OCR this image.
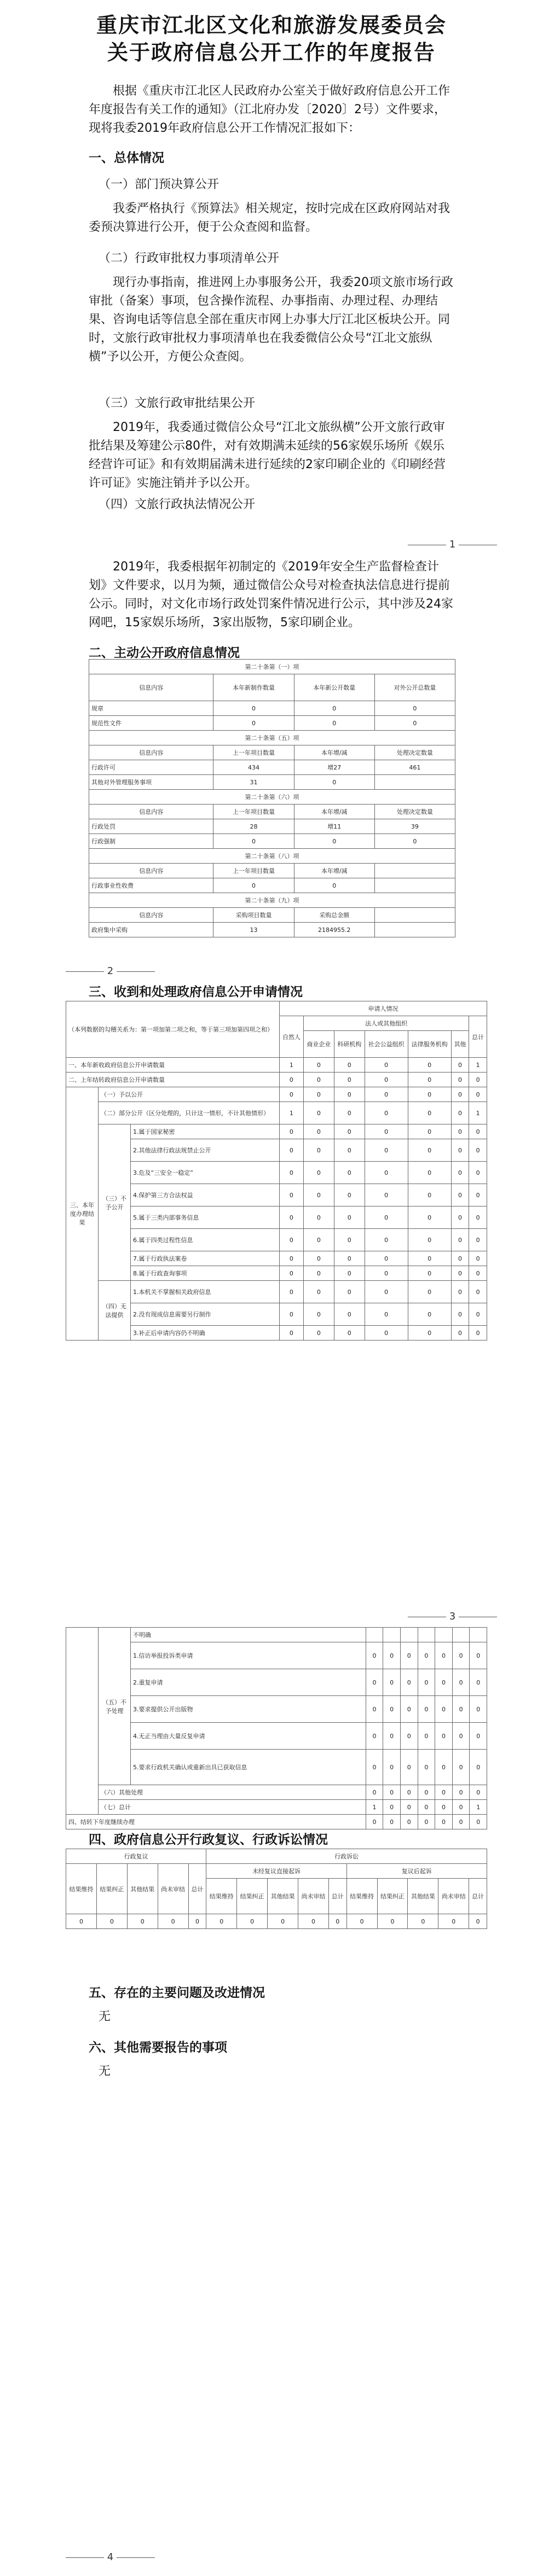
重庆市江北区文化和旅游发展委员会
关于政府信息公开工作的年度报告
根据《重庆市江北区人民政府办公室关于做好政府信息公开工作年度报告有关工作的通知》（江北府办发〔2020〕2号）文件要求，现将我委2019年政府信息公开工作情况汇报如下：
一、总体情况
（一）部门预决算公开
我委严格执行《预算法》相关规定，按时完成在区政府网站对我委预决算进行公开，便于公众查阅和监督。
（二）行政审批权力事项清单公开
现行办事指南，推进网上办事服务公开，我委20项文旅市场行政审批（备案）事项，包含操作流程、办事指南、办理过程、办理结果、咨询电话等信息全部在重庆市网上办事大厅江北区板块公开。同时，文旅行政审批权力事项清单也在我委微信公众号“江北文旅纵横”予以公开，方便公众查阅。
（三）文旅行政审批结果公开
2019年，我委通过微信公众号“江北文旅纵横”公开文旅行政审批结果及筹建公示80件，对有效期满未延续的56家娱乐场所《娱乐经营许可证》和有效期届满未进行延续的2家印刷企业的《印刷经营许可证》实施注销并予以公开。
（四）文旅行政执法情况公开
1
2019年，我委根据年初制定的《2019年安全生产监督检查计划》文件要求，以月为频，通过微信公众号对检查执法信息进行提前公示。同时，对文化市场行政处罚案件情况进行公示，其中涉及24家网吧，15家娱乐场所，3家出版物，5家印刷企业。
二、主动公开政府信息情况
第二十条第（一）项			
信息内容	本年新制作数量	本年新公开数量	对外公开总数量
规章	0	0	0
规范性文件	0	0	0
第二十条第（五）项			
信息内容	上一年项目数量	本年增/减	处理决定数量
行政许可	434	增27	461
其他对外管理服务事项	31	0	
第二十条第（六）项			
信息内容	上一年项目数量	本年增/减	处理决定数量
行政处罚	28	增11	39
行政强制	0	0	0
第二十条第（八）项			
信息内容	上一年项目数量	本年增/减	
行政事业性收费	0	0	
第二十条第（九）项			
信息内容	采购项目数量	采购总金额	
政府集中采购	13	2184955.2	
2
三、收到和处理政府信息公开申请情况
（本列数据的勾稽关系为：第一项加第二项之和，等于第三项加第四项之和）			申请人情况						
			自然人	法人或其他组织					总计
				商业企业	科研机构	社会公益组织	法律服务机构	其他	
一、本年新收政府信息公开申请数量			1	0	0	0	0	0	1
二、上年结转政府信息公开申请数量			0	0	0	0	0	0	0
三、本年度办理结果	（一）予以公开		0	0	0	0	0	0	0
	（二）部分公开（区分处理的，只计这一情形，不计其他情形）		1	0	0	0	0	0	1
	（三）不予公开	1.属于国家秘密	0	0	0	0	0	0	0
		2.其他法律行政法规禁止公开	0	0	0	0	0	0	0
		3.危及“三安全一稳定”	0	0	0	0	0	0	0
		4.保护第三方合法权益	0	0	0	0	0	0	0
		5.属于三类内部事务信息	0	0	0	0	0	0	0
		6.属于四类过程性信息	0	0	0	0	0	0	0
		7.属于行政执法案卷	0	0	0	0	0	0	0
		8.属于行政查询事项	0	0	0	0	0	0	0
	（四）无法提供	1.本机关不掌握相关政府信息	0	0	0	0	0	0	0
		2.没有现成信息需要另行制作	0	0	0	0	0	0	0
		3.补正后申请内容仍不明确	0	0	0	0	0	0	0
3
	（五）不予处理	不明确							
		1.信访举报投诉类申请	0	0	0	0	0	0	0
		2.重复申请	0	0	0	0	0	0	0
		3.要求提供公开出版物	0	0	0	0	0	0	0
		4.无正当理由大量反复申请	0	0	0	0	0	0	0
		5.要求行政机关确认或重新出具已获取信息	0	0	0	0	0	0	0
	（六）其他处理		0	0	0	0	0	0	0
	（七）总计		1	0	0	0	0	0	1
四、结转下年度继续办理			0	0	0	0	0	0	0
四、政府信息公开行政复议、行政诉讼情况
行政复议					行政诉讼									
结果维持	结果纠正	其他结果	尚未审结	总计	未经复议直接起诉					复议后起诉				
					结果维持	结果纠正	其他结果	尚未审结	总计	结果维持	结果纠正	其他结果	尚未审结	总计
0	0	0	0	0	0	0	0	0	0	0	0	0	0	0
五、存在的主要问题及改进情况
无
六、其他需要报告的事项
无
4
